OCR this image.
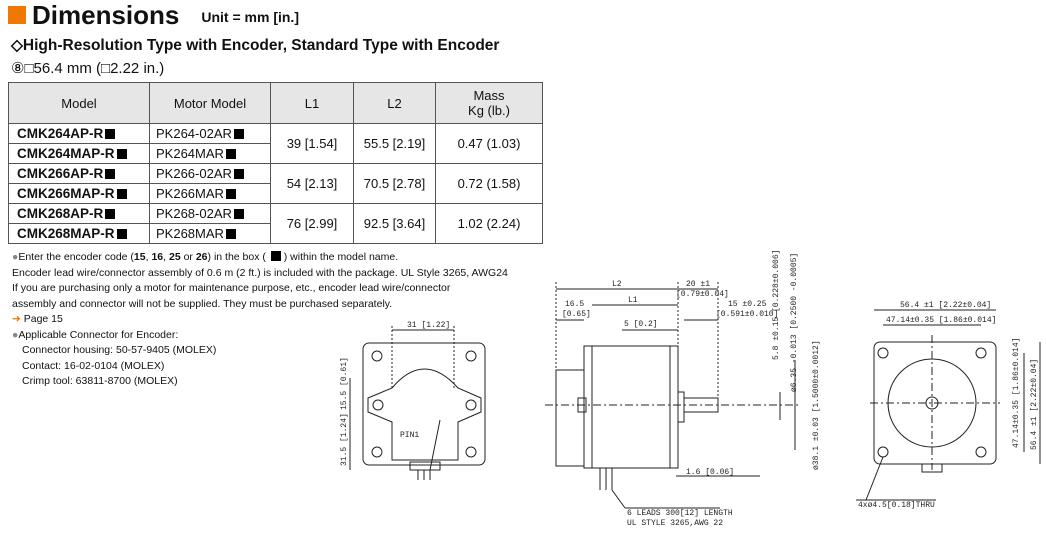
Dimensions Unit = mm [in.]
◇High-Resolution Type with Encoder, Standard Type with Encoder
⑧□56.4 mm (□2.22 in.)
Model	Motor Model	L1	L2	Mass
Kg (lb.)
CMK264AP-R	PK264-02AR	39 [1.54]	55.5 [2.19]	0.47 (1.03)
CMK264MAP-R	PK264MAR			
CMK266AP-R	PK266-02AR	54 [2.13]	70.5 [2.78]	0.72 (1.58)
CMK266MAP-R	PK266MAR			
CMK268AP-R	PK268-02AR	76 [2.99]	92.5 [3.64]	1.02 (2.24)
CMK268MAP-R	PK268MAR			
●Enter the encoder code (15, 16, 25 or 26) in the box ( ) within the model name.
Encoder lead wire/connector assembly of 0.6 m (2 ft.) is included with the package. UL Style 3265, AWG24
If you are purchasing only a motor for maintenance purpose, etc., encoder lead wire/connector
assembly and connector will not be supplied. They must be purchased separately.
➜ Page 15
●Applicable Connector for Encoder:
Connector housing: 50-57-9405 (MOLEX)
Contact: 16-02-0104 (MOLEX)
Crimp tool: 63811-8700 (MOLEX)
31 [1.22]
15.5 [0.61]
31.5 [1.24]	PIN1
L2
L1
20 ±1
[0.79±0.04]
16.5
[0.65]
5 [0.2]
15 ±0.25
[0.591±0.010]
5.8 ±0.15 [0.228±0.006] ø6.35 -0.013 [0.2500 -0.0005]
ø38.1 ±0.03 [1.5000±0.0012]
1.6 [0.06]
6 LEADS 300[12] LENGTH
UL STYLE 3265,AWG 22
56.4 ±1 [2.22±0.04]
47.14±0.35 [1.86±0.014]
47.14±0.35 [1.86±0.014] 56.4 ±1 [2.22±0.04]
4xø4.5[0.18]THRU
